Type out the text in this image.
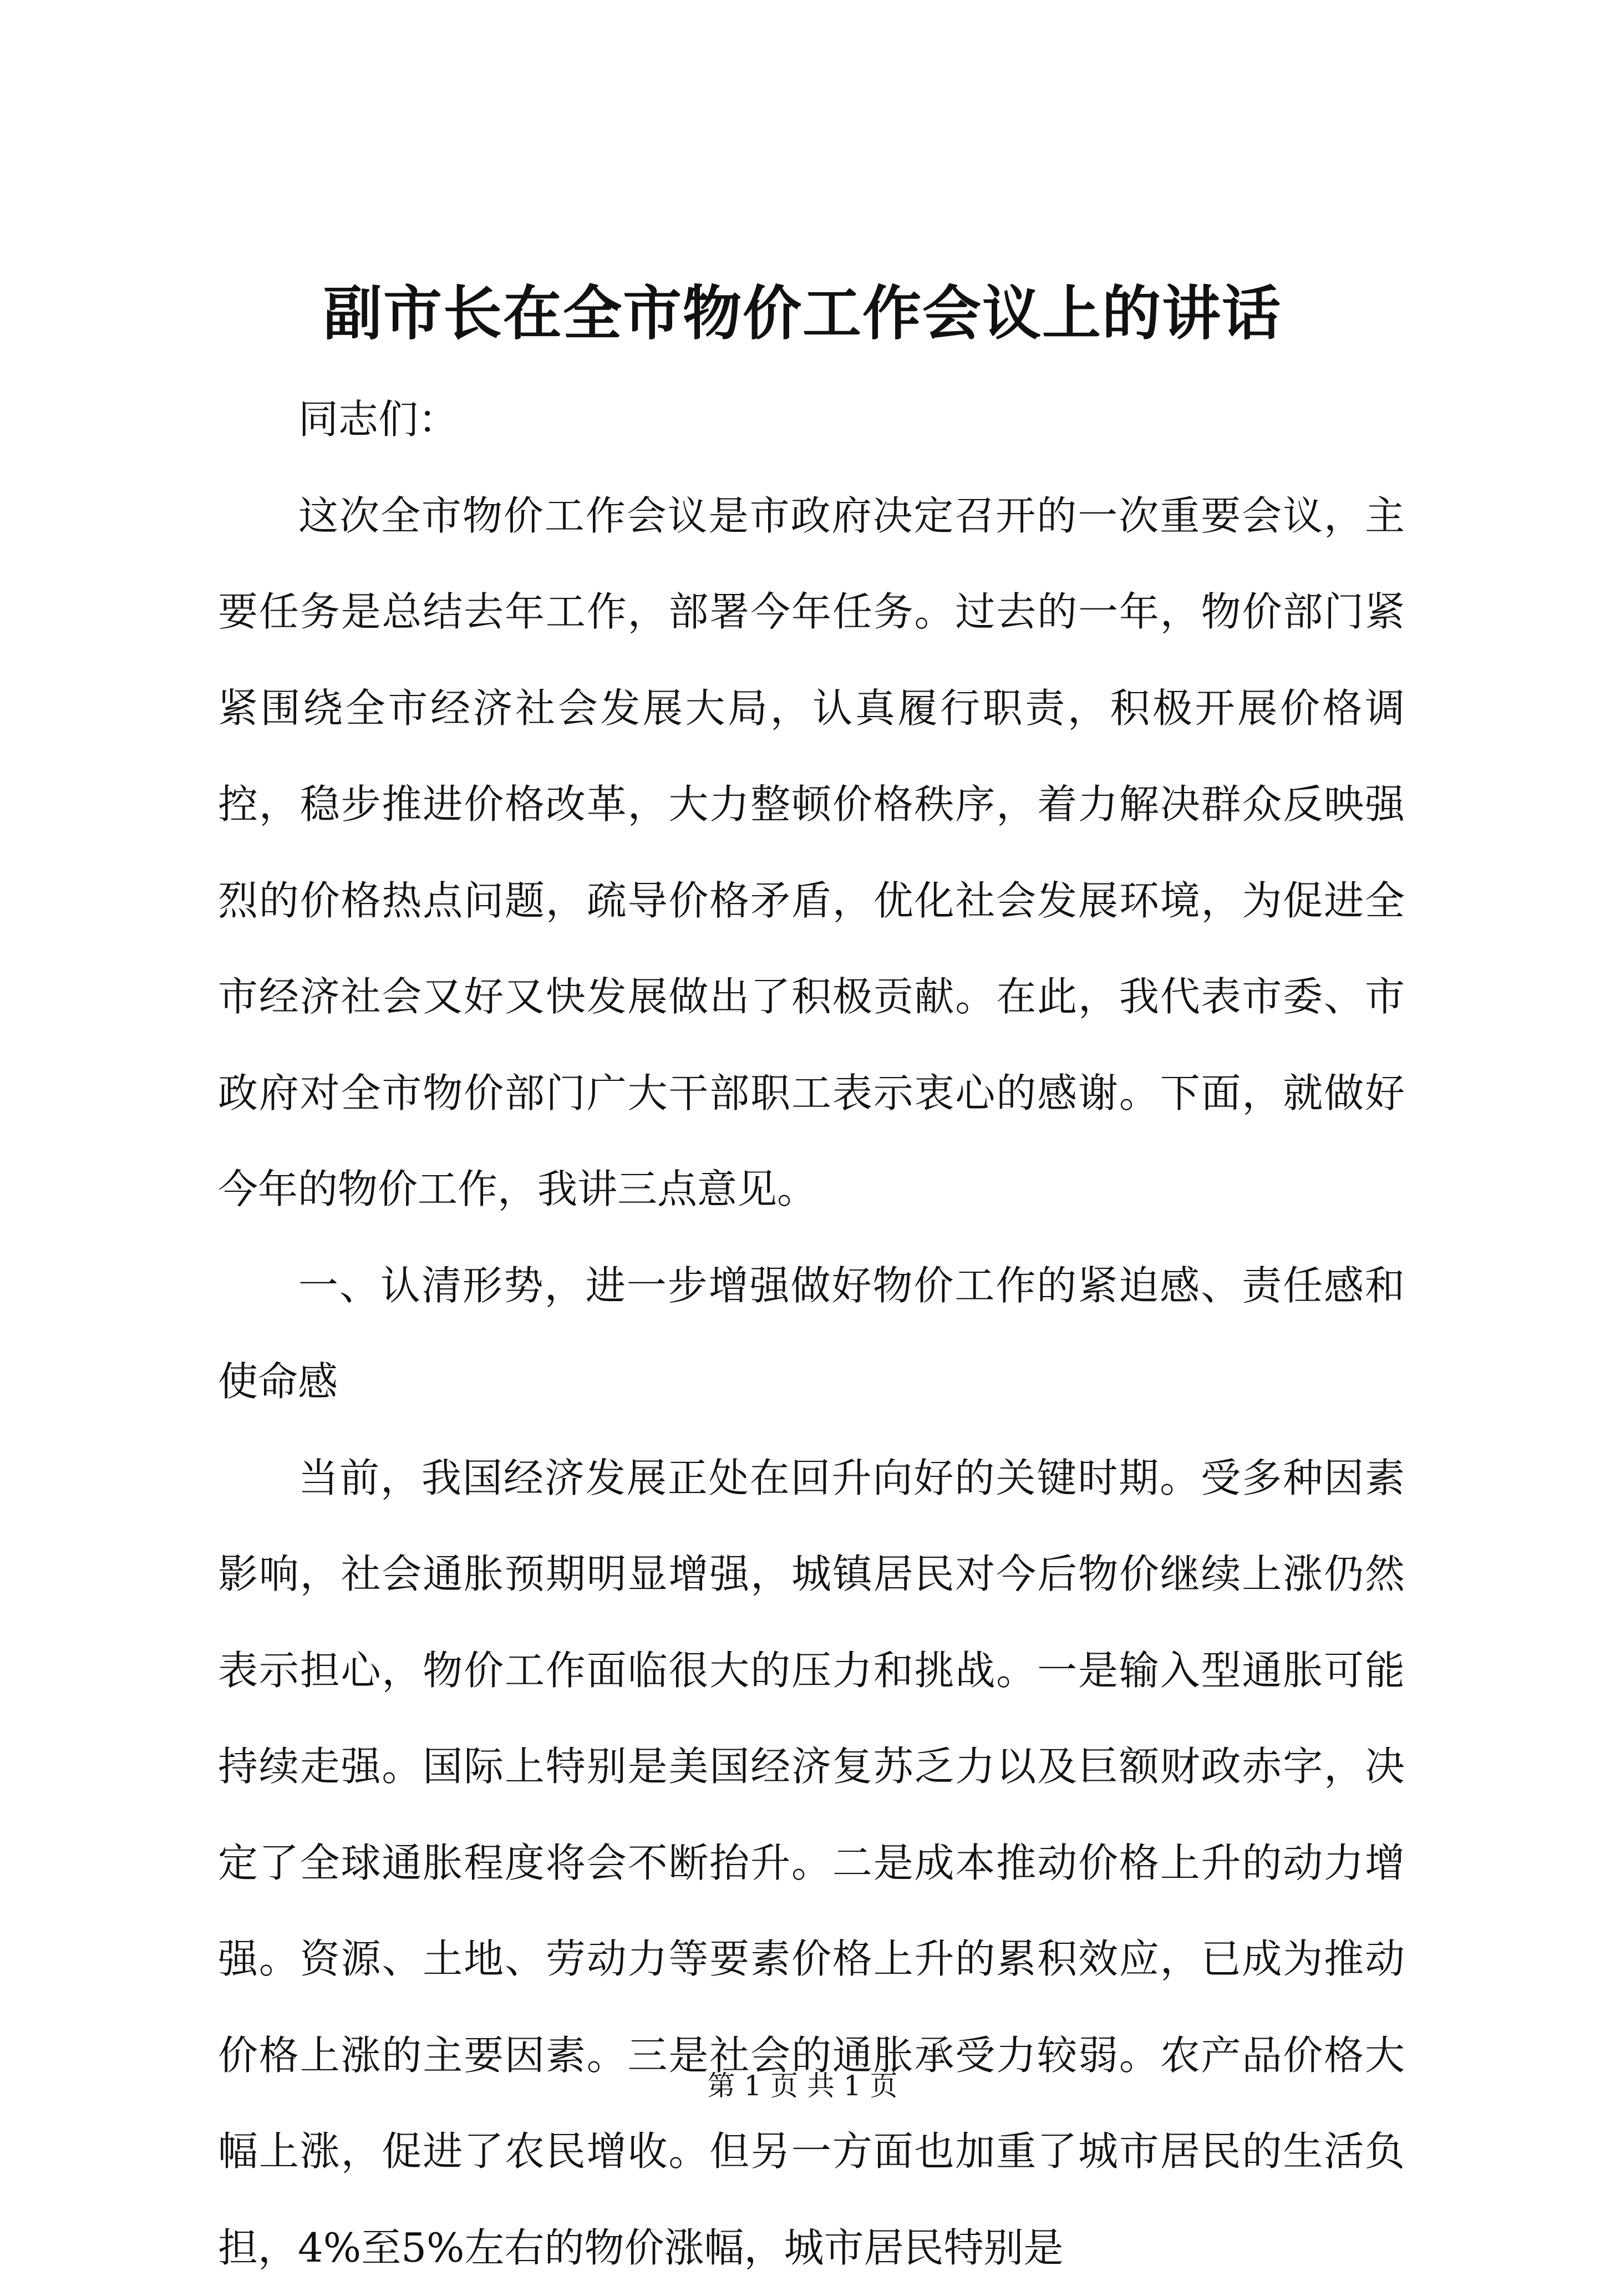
副市长在全市物价工作会议上的讲话

同志们：

这次全市物价工作会议是市政府决定召开的一次重要会议，主要任务是总结去年工作，部署今年任务。过去的一年，物价部门紧紧围绕全市经济社会发展大局，认真履行职责，积极开展价格调控，稳步推进价格改革，大力整顿价格秩序，着力解决群众反映强烈的价格热点问题，疏导价格矛盾，优化社会发展环境，为促进全市经济社会又好又快发展做出了积极贡献。在此，我代表市委、市政府对全市物价部门广大干部职工表示衷心的感谢。下面，就做好今年的物价工作，我讲三点意见。

一、认清形势，进一步增强做好物价工作的紧迫感、责任感和使命感

当前，我国经济发展正处在回升向好的关键时期。受多种因素影响，社会通胀预期明显增强，城镇居民对今后物价继续上涨仍然表示担心，物价工作面临很大的压力和挑战。一是输入型通胀可能持续走强。国际上特别是美国经济复苏乏力以及巨额财政赤字，决定了全球通胀程度将会不断抬升。二是成本推动价格上升的动力增强。资源、土地、劳动力等要素价格上升的累积效应，已成为推动价格上涨的主要因素。三是社会的通胀承受力较弱。农产品价格大幅上涨，促进了农民增收。但另一方面也加重了城市居民的生活负担，4%至5%左右的物价涨幅，城市居民特别是

第 1 页 共 1 页
